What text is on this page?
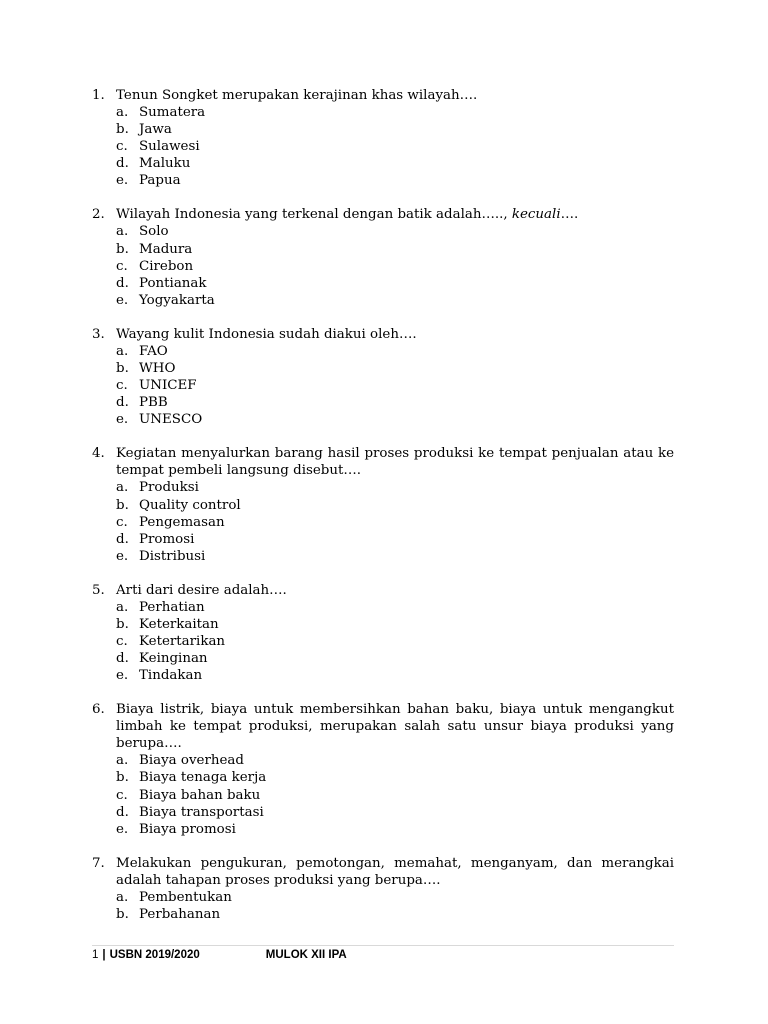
1. Tenun Songket merupakan kerajinan khas wilayah….
a. Sumatera
b. Jawa
c. Sulawesi
d. Maluku
e. Papua
2. Wilayah Indonesia yang terkenal dengan batik adalah….., kecuali….
a. Solo
b. Madura
c. Cirebon
d. Pontianak
e. Yogyakarta
3. Wayang kulit Indonesia sudah diakui oleh….
a. FAO
b. WHO
c. UNICEF
d. PBB
e. UNESCO
4. Kegiatan menyalurkan barang hasil proses produksi ke tempat penjualan atau ke tempat pembeli langsung disebut….
a. Produksi
b. Quality control
c. Pengemasan
d. Promosi
e. Distribusi
5. Arti dari desire adalah….
a. Perhatian
b. Keterkaitan
c. Ketertarikan
d. Keinginan
e. Tindakan
6. Biaya listrik, biaya untuk membersihkan bahan baku, biaya untuk mengangkut limbah ke tempat produksi, merupakan salah satu unsur biaya produksi yang berupa….
a. Biaya overhead
b. Biaya tenaga kerja
c. Biaya bahan baku
d. Biaya transportasi
e. Biaya promosi
7. Melakukan pengukuran, pemotongan, memahat, menganyam, dan merangkai adalah tahapan proses produksi yang berupa….
a. Pembentukan
b. Perbahanan
1 | USBN 2019/2020	MULOK XII IPA
